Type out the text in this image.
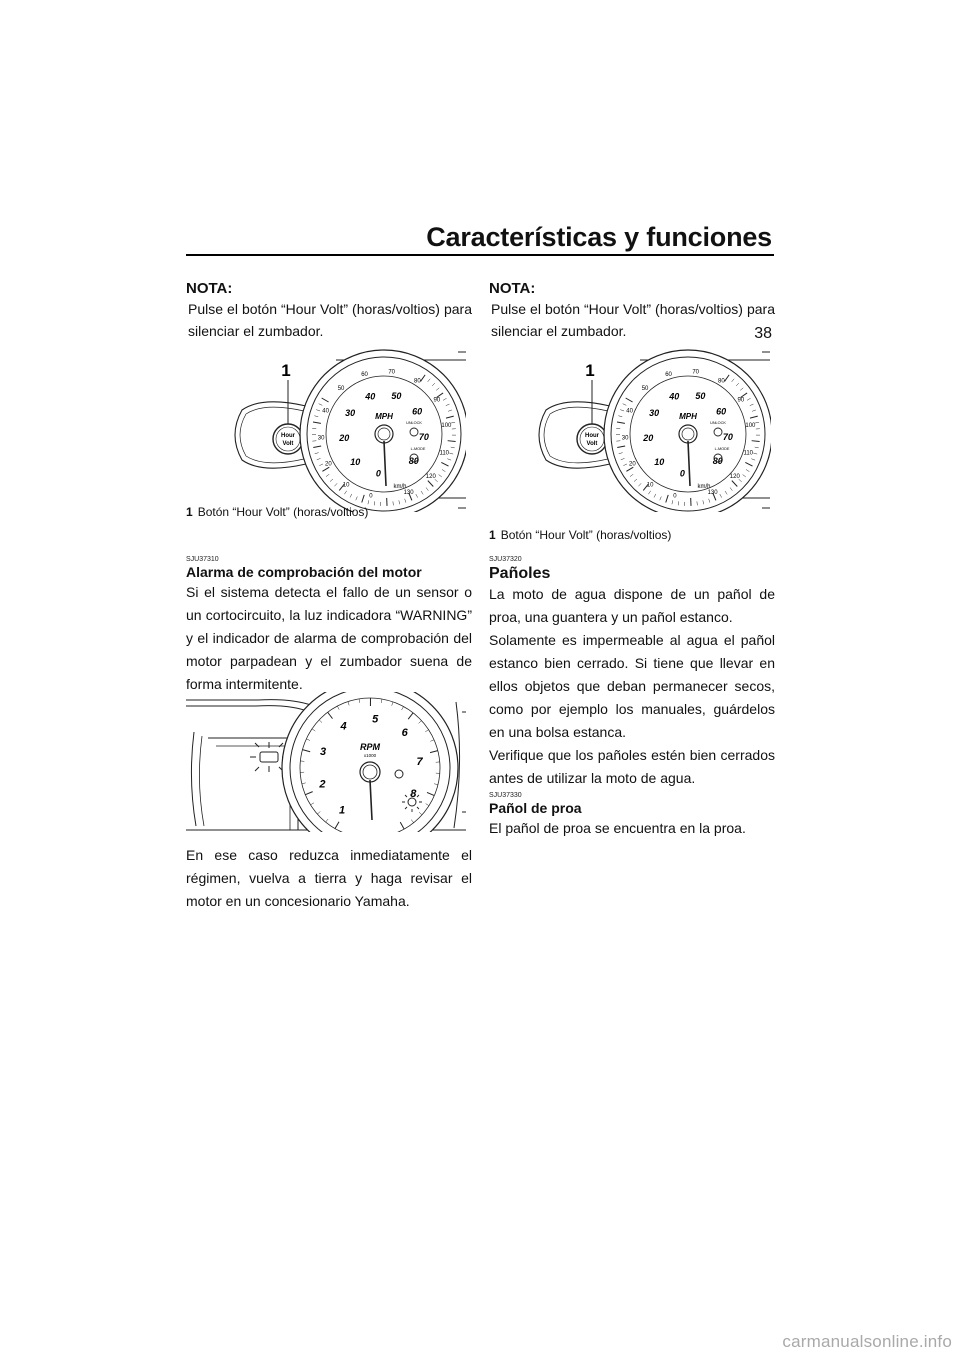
Características y funciones
38

NOTA:

Pulse el botón “Hour Volt” (horas/voltios) para silenciar el zumbador.

Hour
Volt
1
0
10
20
30
40
50
60	70
80
90
100
110
120
130
0
10
20
30
40 50
60
70
80
MPH
km/h
UNLOCK
L-MODE

1 Botón “Hour Volt” (horas/voltios)

SJU37310

Alarma de comprobación del motor

Si el sistema detecta el fallo de un sensor o un cortocircuito, la luz indicadora “WARNING” y el indicador de alarma de comprobación del motor parpadean y el zumbador suena de forma intermitente.

1
2
3
4
5
6
7
8
RPM
x1000

En ese caso reduzca inmediatamente el régimen, vuelva a tierra y haga revisar el motor en un concesionario Yamaha.

NOTA:

Pulse el botón “Hour Volt” (horas/voltios) para silenciar el zumbador.

Hour
Volt
1
0
10
20
30
40
50
60	70
80
90
100
110
120
130
0
10
20
30
40 50
60
70
80
MPH
km/h
UNLOCK
L-MODE

1 Botón “Hour Volt” (horas/voltios)

SJU37320

Pañoles

La moto de agua dispone de un pañol de proa, una guantera y un pañol estanco.

Solamente es impermeable al agua el pañol estanco bien cerrado. Si tiene que llevar en ellos objetos que deban permanecer secos, como por ejemplo los manuales, guárdelos en una bolsa estanca.

Verifique que los pañoles estén bien cerrados antes de utilizar la moto de agua.

SJU37330

Pañol de proa

El pañol de proa se encuentra en la proa.

carmanualsonline.info
